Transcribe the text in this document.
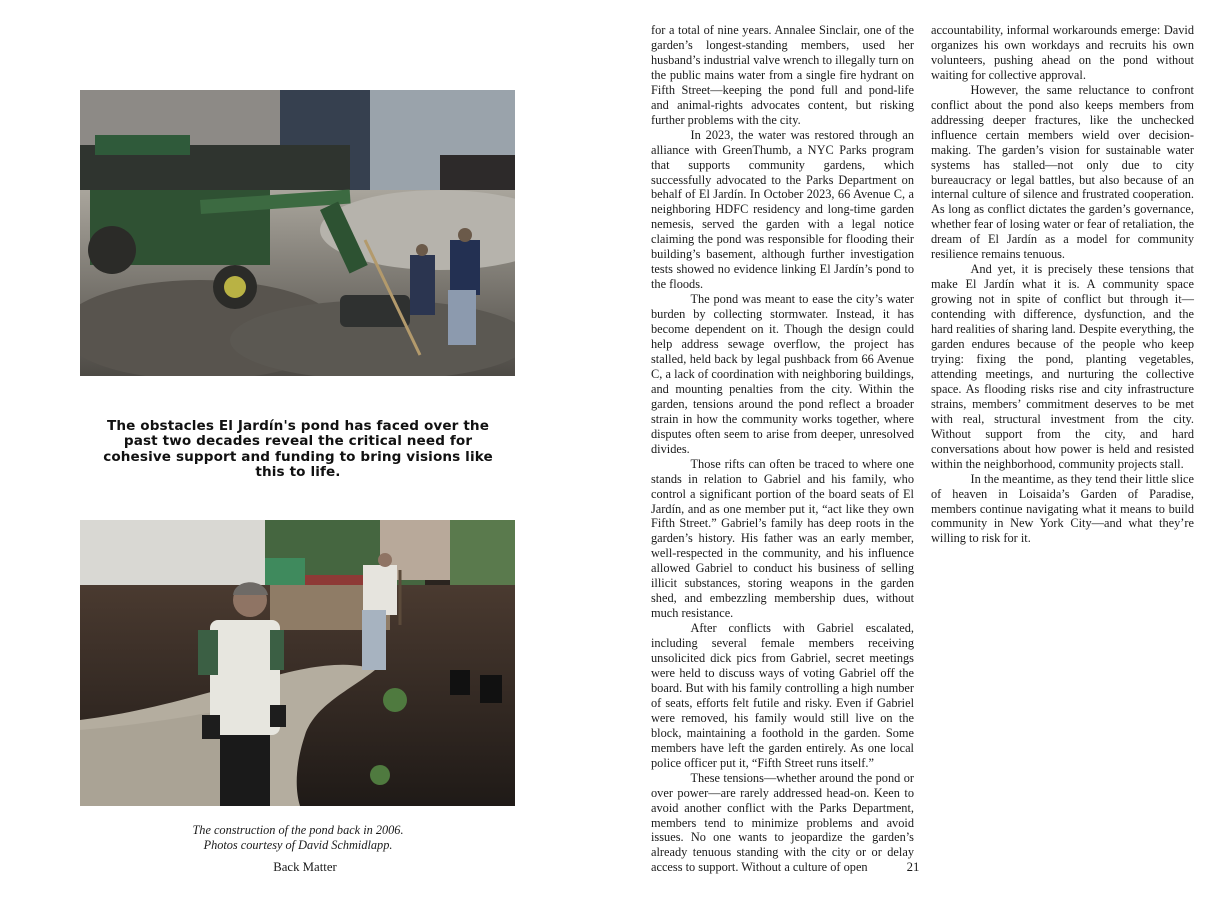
The obstacles El Jardín's pond has faced over the past two decades reveal the critical need for cohesive support and funding to bring visions like this to life.
The construction of the pond back in 2006.
Photos courtesy of David Schmidlapp.
Back Matter

for a total of nine years. Annalee Sinclair, one of the garden’s longest-standing members, used her husband’s industrial valve wrench to illegally turn on the public mains water from a single fire hydrant on Fifth Street—keeping the pond full and pond-life and animal-rights advocates content, but risking further problems with the city.

In 2023, the water was restored through an alliance with GreenThumb, a NYC Parks program that supports community gardens, which successfully advocated to the Parks Department on behalf of El Jardín. In October 2023, 66 Avenue C, a neighboring HDFC residency and long-time garden nemesis, served the garden with a legal notice claiming the pond was responsible for flooding their building’s basement, although further investigation tests showed no evidence linking El Jardín’s pond to the floods.

The pond was meant to ease the city’s water burden by collecting stormwater. Instead, it has become dependent on it. Though the design could help address sewage overflow, the project has stalled, held back by legal pushback from 66 Avenue C, a lack of coordination with neighboring buildings, and mounting penalties from the city. Within the garden, tensions around the pond reflect a broader strain in how the community works together, where disputes often seem to arise from deeper, unresolved divides.

Those rifts can often be traced to where one stands in relation to Gabriel and his family, who control a significant portion of the board seats of El Jardín, and as one member put it, “act like they own Fifth Street.” Gabriel’s family has deep roots in the garden’s history. His father was an early member, well-respected in the community, and his influence allowed Gabriel to conduct his business of selling illicit substances, storing weapons in the garden shed, and embezzling membership dues, without much resistance.

After conflicts with Gabriel escalated, including several female members receiving unsolicited dick pics from Gabriel, secret meetings were held to discuss ways of voting Gabriel off the board. But with his family controlling a high number of seats, efforts felt futile and risky. Even if Gabriel were removed, his family would still live on the block, maintaining a foothold in the garden. Some members have left the garden entirely. As one local police officer put it, “Fifth Street runs itself.”

These tensions—whether around the pond or over power—are rarely addressed head-on. Keen to avoid another conflict with the Parks Department, members tend to minimize problems and avoid issues. No one wants to jeopardize the garden’s already tenuous standing with the city or or delay access to support. Without a culture of open

accountability, informal workarounds emerge: David organizes his own workdays and recruits his own volunteers, pushing ahead on the pond without waiting for collective approval.

However, the same reluctance to confront conflict about the pond also keeps members from addressing deeper fractures, like the unchecked influence certain members wield over decision-making. The garden’s vision for sustainable water systems has stalled—not only due to city bureaucracy or legal battles, but also because of an internal culture of silence and frustrated cooperation. As long as conflict dictates the garden’s governance, whether fear of losing water or fear of retaliation, the dream of El Jardín as a model for community resilience remains tenuous.

And yet, it is precisely these tensions that make El Jardín what it is. A community space growing not in spite of conflict but through it—contending with difference, dysfunction, and the hard realities of sharing land. Despite everything, the garden endures because of the people who keep trying: fixing the pond, planting vegetables, attending meetings, and nurturing the collective space. As flooding risks rise and city infrastructure strains, members’ commitment deserves to be met with real, structural investment from the city. Without support from the city, and hard conversations about how power is held and resisted within the neighborhood, community projects stall.

In the meantime, as they tend their little slice of heaven in Loisaida’s Garden of Paradise, members continue navigating what it means to build community in New York City—and what they’re willing to risk for it.

21
